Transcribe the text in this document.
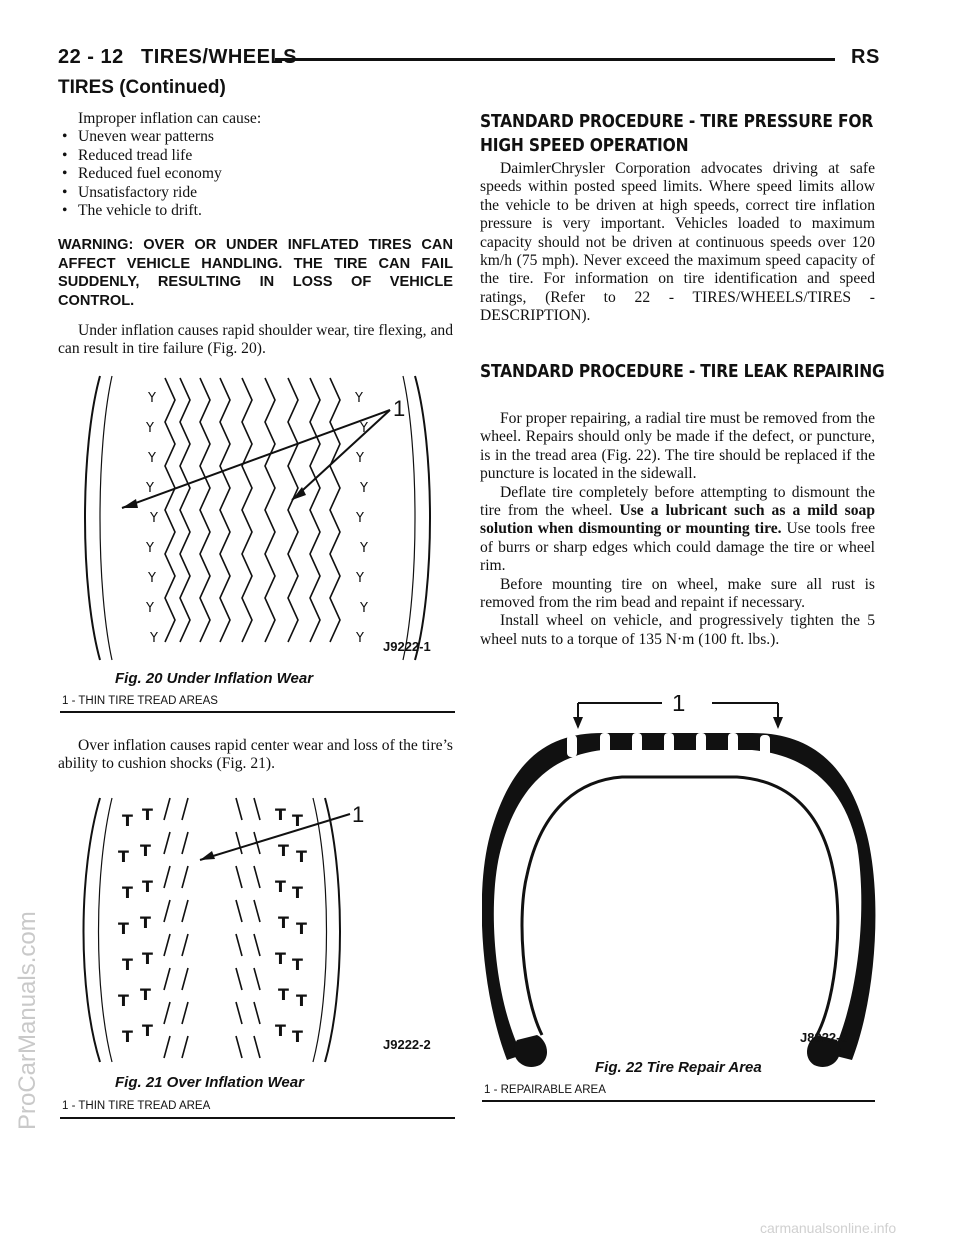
22 - 12 TIRES/WHEELS	RS
TIRES (Continued)

Improper inflation can cause:

• Uneven wear patterns

• Reduced tread life

• Reduced fuel economy

• Unsatisfactory ride

• The vehicle to drift.

WARNING: OVER OR UNDER INFLATED TIRES CAN AFFECT VEHICLE HANDLING. THE TIRE CAN FAIL SUDDENLY, RESULTING IN LOSS OF VEHICLE CONTROL.

Under inflation causes rapid shoulder wear, tire flexing, and can result in tire failure (Fig. 20).

Y
Y
Y
Y
Y
Y
Y
Y
Y
Y
Y
Y
Y
Y
Y
Y
Y
Y
1
J9222-1
Fig. 20 Under Inflation Wear
1 - THIN TIRE TREAD AREAS

Over inflation causes rapid center wear and loss of the tire’s ability to cushion shocks (Fig. 21).

T T	T T
T T	T T
T T	T T
T T	T T
T T	T T
T T	T T
T T	T T
1
J9222-2
Fig. 21 Over Inflation Wear
1 - THIN TIRE TREAD AREA
STANDARD PROCEDURE - TIRE PRESSURE FOR HIGH SPEED OPERATION

DaimlerChrysler Corporation advocates driving at safe speeds within posted speed limits. Where speed limits allow the vehicle to be driven at high speeds, correct tire inflation pressure is very important. Vehicles loaded to maximum capacity should not be driven at continuous speeds over 120 km/h (75 mph). Never exceed the maximum speed capacity of the tire. For information on tire identification and speed ratings, (Refer to 22 - TIRES/WHEELS/TIRES - DESCRIPTION).

STANDARD PROCEDURE - TIRE LEAK REPAIRING

For proper repairing, a radial tire must be removed from the wheel. Repairs should only be made if the defect, or puncture, is in the tread area (Fig. 22). The tire should be replaced if the puncture is located in the sidewall.

Deflate tire completely before attempting to dismount the tire from the wheel. Use a lubricant such as a mild soap solution when dismounting or mounting tire. Use tools free of burrs or sharp edges which could damage the tire or wheel rim.

Before mounting tire on wheel, make sure all rust is removed from the rim bead and repaint if necessary.

Install wheel on vehicle, and progressively tighten the 5 wheel nuts to a torque of 135 N·m (100 ft. lbs.).

1
J8922-6
Fig. 22 Tire Repair Area
1 - REPAIRABLE AREA
ProCarManuals.com
carmanualsonline.info
